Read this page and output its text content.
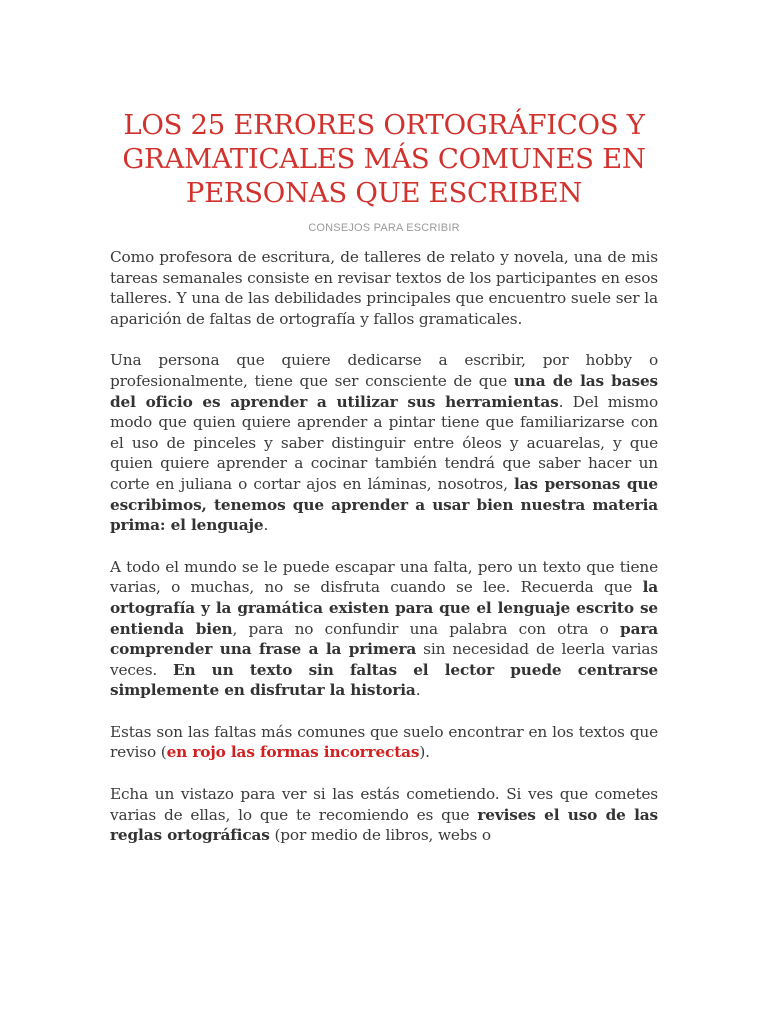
LOS 25 ERRORES ORTOGRÁFICOS Y GRAMATICALES MÁS COMUNES EN PERSONAS QUE ESCRIBEN
CONSEJOS PARA ESCRIBIR

Como profesora de escritura, de talleres de relato y novela, una de mis tareas semanales consiste en revisar textos de los participantes en esos talleres. Y una de las debilidades principales que encuentro suele ser la aparición de faltas de ortografía y fallos gramaticales.

Una persona que quiere dedicarse a escribir, por hobby o profesionalmente, tiene que ser consciente de que una de las bases del oficio es aprender a utilizar sus herramientas. Del mismo modo que quien quiere aprender a pintar tiene que familiarizarse con el uso de pinceles y saber distinguir entre óleos y acuarelas, y que quien quiere aprender a cocinar también tendrá que saber hacer un corte en juliana o cortar ajos en láminas, nosotros, las personas que escribimos, tenemos que aprender a usar bien nuestra materia prima: el lenguaje.

A todo el mundo se le puede escapar una falta, pero un texto que tiene varias, o muchas, no se disfruta cuando se lee. Recuerda que la ortografía y la gramática existen para que el lenguaje escrito se entienda bien, para no confundir una palabra con otra o para comprender una frase a la primera sin necesidad de leerla varias veces. En un texto sin faltas el lector puede centrarse simplemente en disfrutar la historia.

Estas son las faltas más comunes que suelo encontrar en los textos que reviso (en rojo las formas incorrectas).

Echa un vistazo para ver si las estás cometiendo. Si ves que cometes varias de ellas, lo que te recomiendo es que revises el uso de las reglas ortográficas (por medio de libros, webs o
